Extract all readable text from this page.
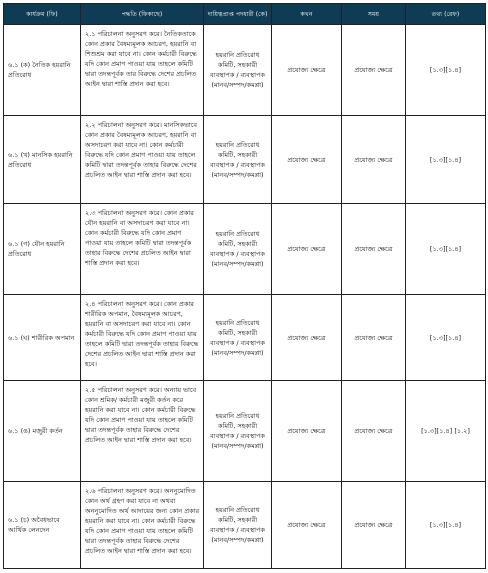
কার্যক্রম (ফি)	পদ্ধতি (ফিকাছে)	দায়িত্বপ্রাপ্ত পদধারী (কে)	কখন	সময়	তথ্য (রেফ)
৬.১ (ক) নৈতিক হয়রানি প্রতিরোধ	২.১ পরিচালনা অনুসরণ করে। নৈতিকতাকে কোন প্রকার বৈষম্যমূলক আচরণ, হয়রানি বা শিশুশ্রম করা যাবে না। কোন কর্মচারী বিরুদ্ধে যদি কোন প্রমাণ পাওয়া যায় তাহলে কমিটি দ্বারা তদন্তপূর্বক তার বিরুদ্ধে দেশের প্রচলিত আইন দ্বারা শাস্তি প্রদান করা হবে।	হয়রানি প্রতিরোধ কমিটি, সহকারী ব্যবস্থাপক / ব্যবস্থাপক (মানব/সম্পদ/কমপ্লা)	প্রযোজ্য ক্ষেত্রে	প্রযোজ্য ক্ষেত্রে	[১.৩][১.৪]
৬.১ (খ) মানসিক হয়রানি প্রতিরোধ	২.২ পরিচালনা অনুসরণ করে। মানসিকভাবে কোন প্রকার বৈষম্যমূলক আচরণ, হয়রানি বা অসদাচরণ করা যাবে না। কোন কর্মচারী বিরুদ্ধে যদি কোন প্রমাণ পাওয়া যায় তাহলে কমিটি দ্বারা তদন্তপূর্বক তাহার বিরুদ্ধে দেশের প্রচলিত আইন দ্বারা শাস্তি প্রদান করা হবে।	হয়রানি প্রতিরোধ কমিটি, সহকারী ব্যবস্থাপক / ব্যবস্থাপক (মানব/সম্পদ/কমপ্লা)	প্রযোজ্য ক্ষেত্রে	প্রযোজ্য ক্ষেত্রে	[১.৩][১.৪]
৬.১ (গ) যৌন হয়রানি প্রতিরোধ	২.৩ পরিচালনা অনুসরণ করে। কোন প্রকার যৌন হয়রানি বা অসদাচরণ করা যাবে না। কোন কর্মচারী বিরুদ্ধে যদি কোন প্রমাণ পাওয়া যায় তাহলে কমিটি দ্বারা তদন্তপূর্বক তাহার বিরুদ্ধে দেশের প্রচলিত আইন দ্বারা শাস্তি প্রদান করা হবে।	হয়রানি প্রতিরোধ কমিটি, সহকারী ব্যবস্থাপক / ব্যবস্থাপক (মানব/সম্পদ/কমপ্লা)	প্রযোজ্য ক্ষেত্রে	প্রযোজ্য ক্ষেত্রে	[১.৩][১.৪]
৬.১ (ঘ) শারীরিক অপমান	২.৪ পরিচালনা অনুসরণ করে। কোন প্রকার শারীরিক অপমান, বৈষম্যমূলক আচরণ, হয়রানি বা অসদাচরণ করা যাবে না। কোন কর্মচারী বিরুদ্ধে যদি কোন প্রমাণ পাওয়া যায় তাহলে কমিটি দ্বারা তদন্তপূর্বক তাহার বিরুদ্ধে দেশের প্রচলিত আইন দ্বারা শাস্তি প্রদান করা হবে।	হয়রানি প্রতিরোধ কমিটি, সহকারী ব্যবস্থাপক / ব্যবস্থাপক (মানব/সম্পদ/কমপ্লা)	প্রযোজ্য ক্ষেত্রে	প্রযোজ্য ক্ষেত্রে	[১.৩][১.৪]
৬.১ (ঙ) মজুরী কর্তন	২.৫ পরিচালনা অনুসরণ করে। অন্যায় ভাবে কোন শ্রমিক/ কর্মচারী মজুরী কর্তন করে হয়রানি করা যাবে না। কোন কর্মচারী বিরুদ্ধে যদি কোন প্রমাণ পাওয়া যায় তাহলে কমিটি দ্বারা তদন্তপূর্বক তাহার বিরুদ্ধে দেশের প্রচলিত আইন দ্বারা শাস্তি প্রদান করা হবে।	হয়রানি প্রতিরোধ কমিটি, সহকারী ব্যবস্থাপক / ব্যবস্থাপক (মানব/সম্পদ/কমপ্লা)	প্রযোজ্য ক্ষেত্রে	প্রযোজ্য ক্ষেত্রে	[১.৩][১.৪] [১.২]
৬.১ (চ) অবৈধভাবে আর্থিক লেনদেন	২.৬ পরিচালনা অনুসরণ করে। অননুমোদিত কোন অর্থ গ্রহণ করা যাবে না অথবা অননুমোদিত অর্থ আদায়ের জন্য কোন প্রকার হয়রানি করা যাবে না। কোন কর্মচারী বিরুদ্ধে যদি কোন প্রমাণ পাওয়া যায় তাহলে কমিটি দ্বারা তদন্তপূর্বক তাহার বিরুদ্ধে দেশের প্রচলিত আইন দ্বারা শাস্তি প্রদান করা হবে।	হয়রানি প্রতিরোধ কমিটি, সহকারী ব্যবস্থাপক / ব্যবস্থাপক (মানব/সম্পদ/কমপ্লা)	প্রযোজ্য ক্ষেত্রে	প্রযোজ্য ক্ষেত্রে	[১.৩][১.৪]
